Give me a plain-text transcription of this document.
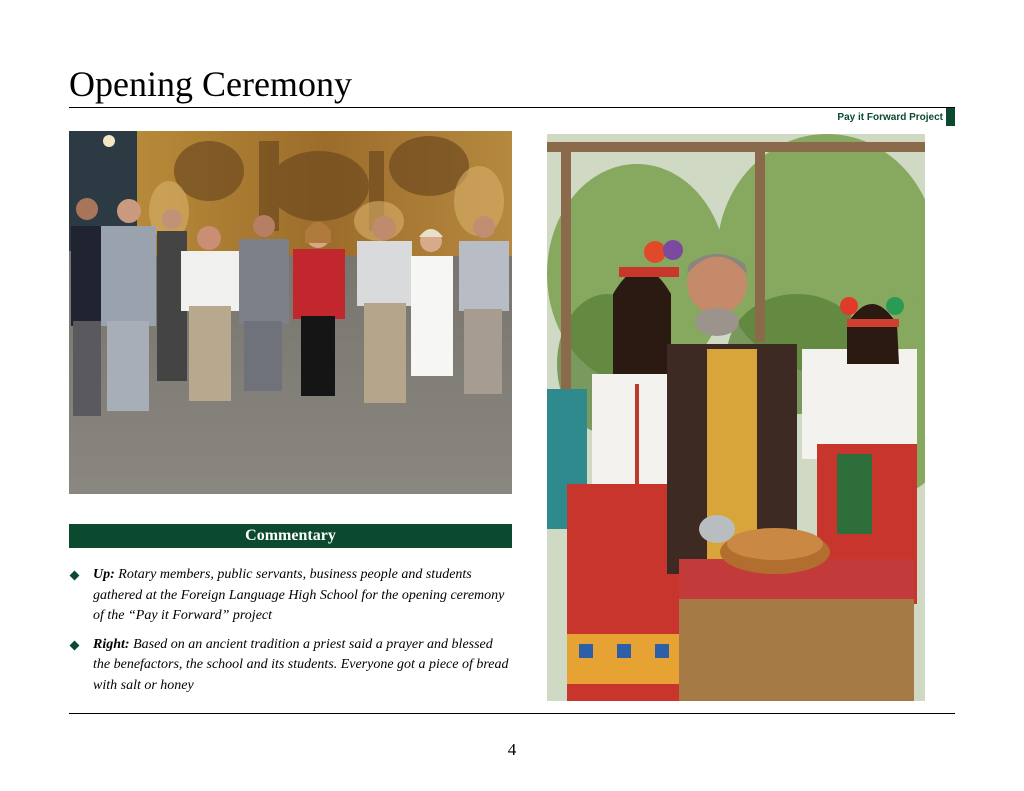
Opening Ceremony
Pay it Forward Project
Commentary
Up: Rotary members, public servants, business people and students gathered at the Foreign Language High School for the opening ceremony of the “Pay it Forward” project
Right: Based on an ancient tradition a priest said a prayer and blessed the benefactors, the school and its students. Everyone got a piece of bread with salt or honey
4
